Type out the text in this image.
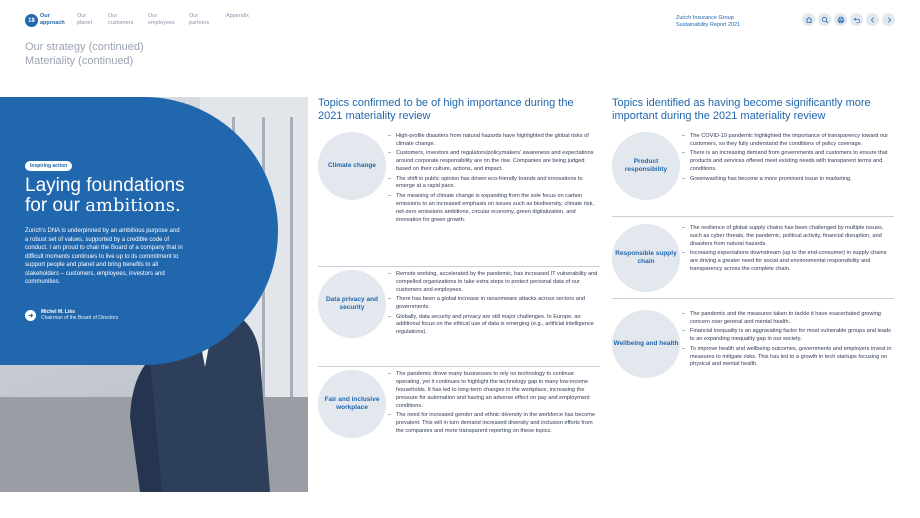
18
Our approach
Our planet
Our customers
Our employees
Our partners
Appendix	Zurich Insurance Group Sustainability Report 2021
Our strategy (continued)
Materiality (continued)
Inspiring action
Laying foundations
for our ambitions.
Zurich's DNA is underpinned by an ambitious purpose and a robust set of values, supported by a credible code of conduct. I am proud to chair the Board of a company that in difficult moments continues to live up to its commitment to support people and planet and bring benefits to all stakeholders – customers, employees, investors and communities.
Michel M. Liès
Chairman of the Board of Directors
Topics confirmed to be of high importance during the 2021 materiality review
Climate change
– High-profile disasters from natural hazards have highlighted the global risks of climate change.
– Customers, investors and regulators/policymakers' awareness and expectations around corporate responsibility are on the rise. Companies are being judged based on their culture, actions, and impact.
– The shift in public opinion has driven eco-friendly brands and innovations to emerge at a rapid pace.
– The meaning of climate change is expanding from the sole focus on carbon emissions to an increased emphasis on issues such as biodiversity, climate risk, net-zero emissions ambitions, circular economy, green digitalization, and innovation for green growth.
Data privacy and security
– Remote working, accelerated by the pandemic, has increased IT vulnerability and compelled organizations to take extra steps to protect personal data of our customers and employees.
– There has been a global increase in ransomware attacks across sectors and governments.
– Globally, data security and privacy are still major challenges. In Europe, an additional focus on the ethical use of data is emerging (e.g., artificial intelligence regulations).
Fair and inclusive workplace
– The pandemic drove many businesses to rely on technology to continue operating, yet it continues to highlight the technology gap in many low-income households. It has led to long-term changes in the workplace, increasing the pressure for automation and having an adverse effect on pay and employment conditions.
– The need for increased gender and ethnic diversity in the workforce has become prevalent. This will in turn demand increased diversity and inclusion efforts from the companies and more transparent reporting on these topics.
Topics identified as having become significantly more important during the 2021 materiality review
Product responsibility
– The COVID-19 pandemic highlighted the importance of transparency toward our customers, so they fully understand the conditions of policy coverage.
– There is an increasing demand from governments and customers to ensure that products and services offered meet existing needs with transparent terms and conditions.
– Greenwashing has become a more prominent issue in marketing.
Responsible supply chain
– The resilience of global supply chains has been challenged by multiple issues, such as cyber threats, the pandemic, political activity, financial disruption, and disasters from natural hazards.
– Increasing expectations downstream (up to the end-consumer) in supply chains are driving a greater need for social and environmental responsibility and transparency across the complete chain.
Wellbeing and health
– The pandemic and the measures taken to tackle it have exacerbated growing concern over general and mental health.
– Financial inequality is an aggravating factor for most vulnerable groups and leads to an expanding inequality gap in our society.
– To improve health and wellbeing outcomes, governments and employers invest in measures to mitigate risks. This has led to a growth in tech startups focusing on physical and mental health.
